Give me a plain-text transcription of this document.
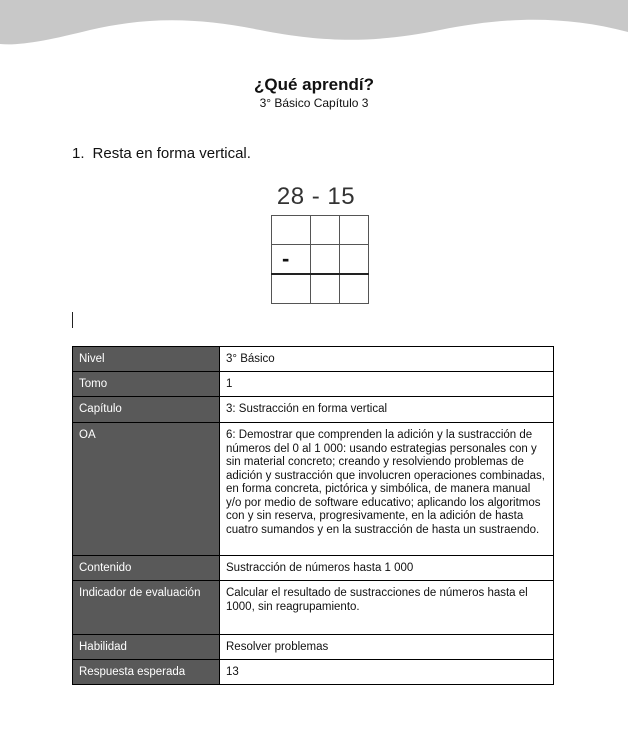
¿Qué aprendí?
3° Básico Capítulo 3
1. Resta en forma vertical.
28 - 15

-		

Nivel	3° Básico
Tomo	1
Capítulo	3: Sustracción en forma vertical
OA	6: Demostrar que comprenden la adición y la sustracción de números del 0 al 1 000: usando estrategias personales con y sin material concreto; creando y resolviendo problemas de adición y sustracción que involucren operaciones combinadas, en forma concreta, pictórica y simbólica, de manera manual y/o por medio de software educativo; aplicando los algoritmos con y sin reserva, progresivamente, en la adición de hasta cuatro sumandos y en la sustracción de hasta un sustraendo.
Contenido	Sustracción de números hasta 1 000
Indicador de evaluación	Calcular el resultado de sustracciones de números hasta el 1000, sin reagrupamiento.
Habilidad	Resolver problemas
Respuesta esperada	13
